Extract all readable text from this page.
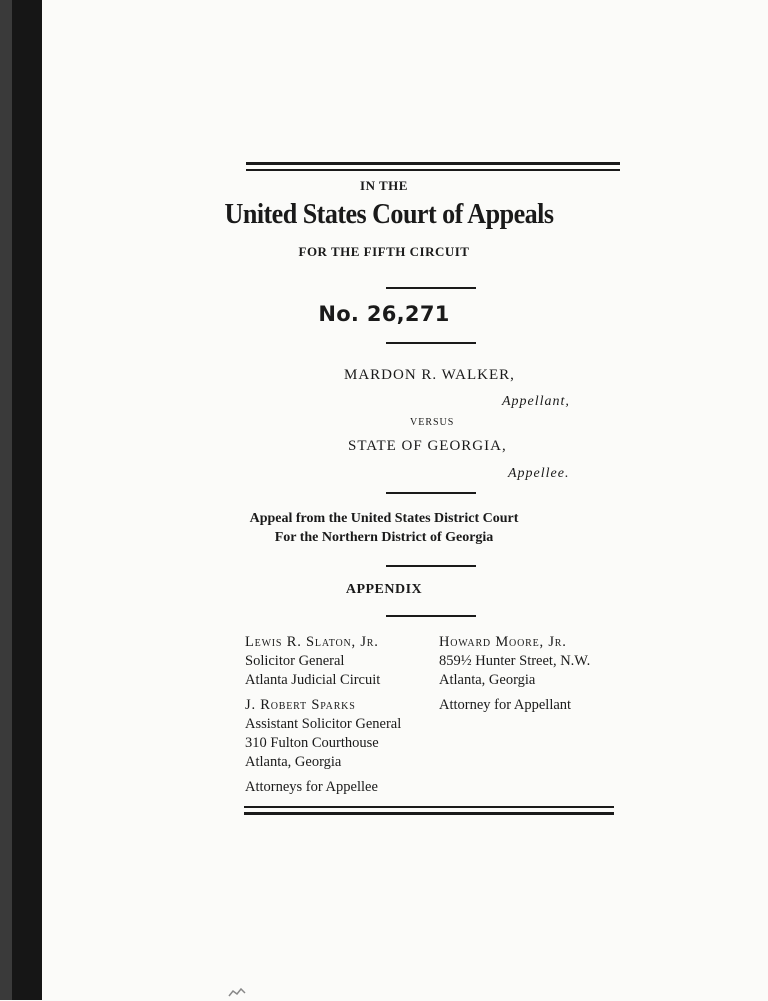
IN THE

United States Court of Appeals

FOR THE FIFTH CIRCUIT

No. 26,271

MARDON R. WALKER,

Appellant,

VERSUS

STATE OF GEORGIA,

Appellee.

Appeal from the United States District Court

For the Northern District of Georgia

APPENDIX

Lewis R. Slaton, Jr.
Solicitor General
Atlanta Judicial Circuit
J. Robert Sparks
Assistant Solicitor General
310 Fulton Courthouse
Atlanta, Georgia
Attorneys for Appellee
Howard Moore, Jr.
859½ Hunter Street, N.W.
Atlanta, Georgia
Attorney for Appellant
